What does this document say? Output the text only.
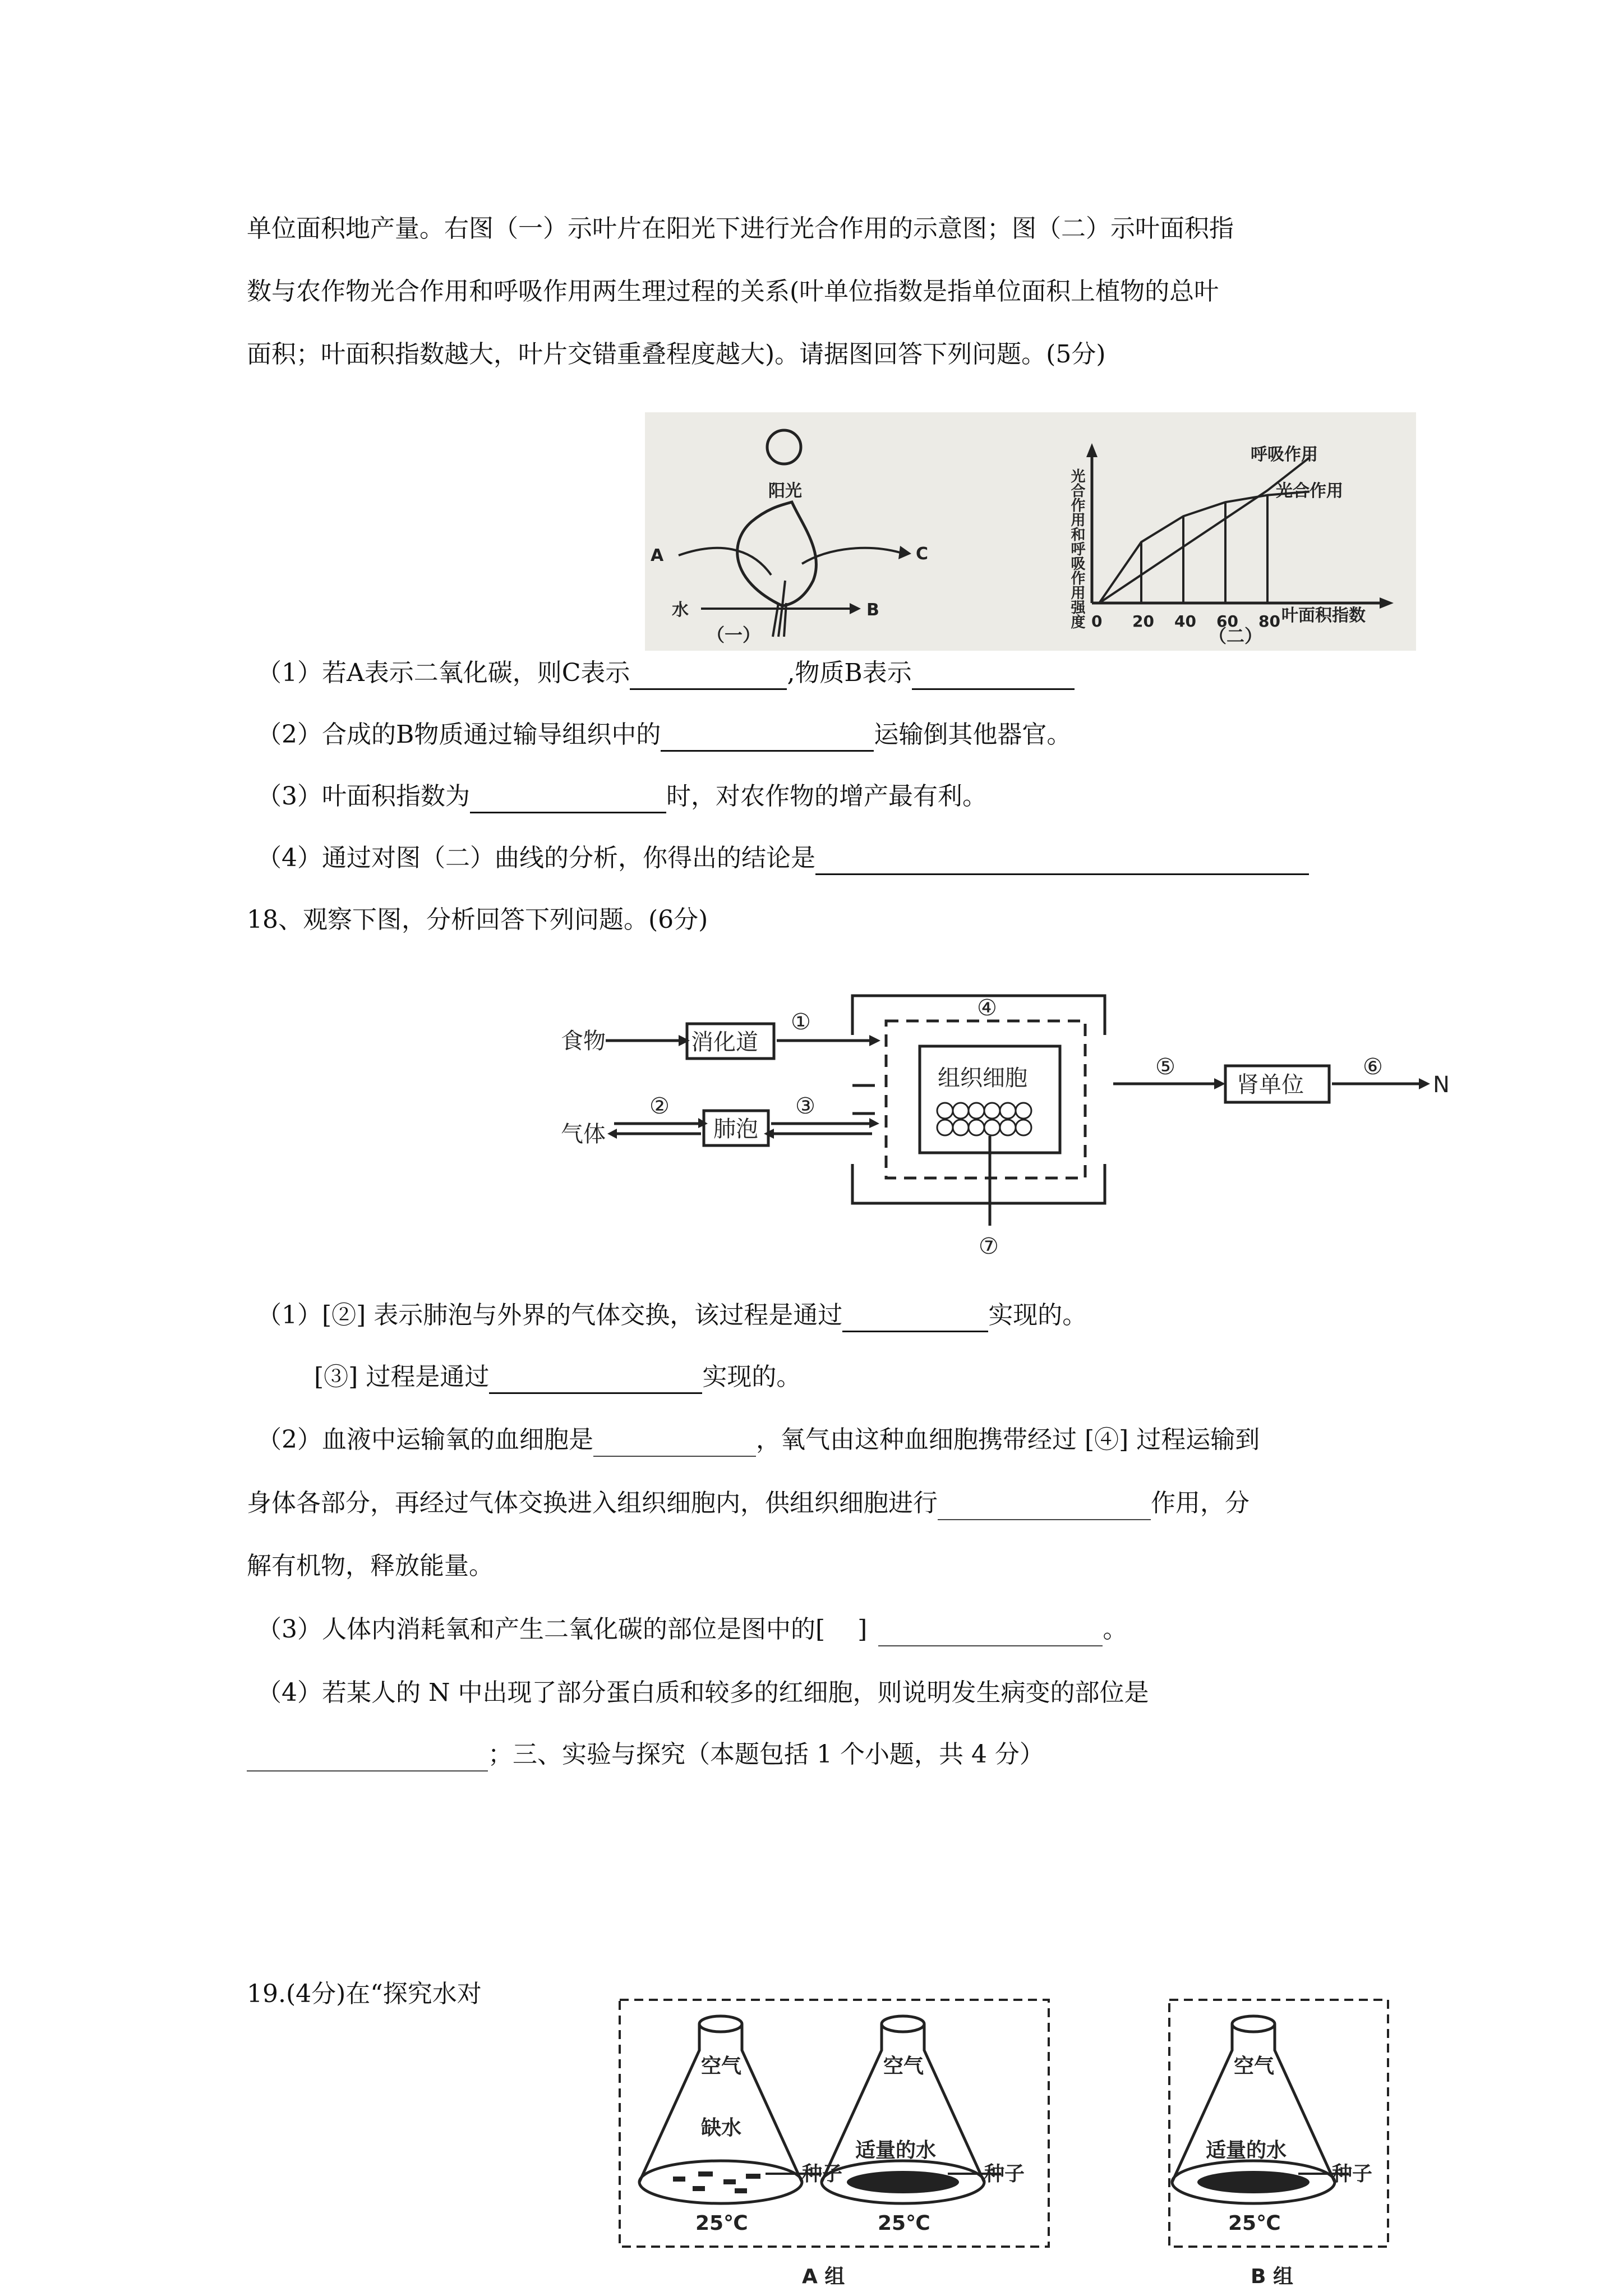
单位面积地产量。右图（一）示叶片在阳光下进行光合作用的示意图；图（二）示叶面积指
数与农作物光合作用和呼吸作用两生理过程的关系(叶单位指数是指单位面积上植物的总叶
面积；叶面积指数越大，叶片交错重叠程度越大)。请据图回答下列问题。(5分)
阳光
A	C
水	B
（一）
光合作用和呼吸作用强度
呼吸作用
光合作用
叶面积指数
（二）
0 20 40 60 80
（1）若A表示二氧化碳，则C表示	,物质B表示
（2）合成的B物质通过输导组织中的	运输倒其他器官。
（3）叶面积指数为	时，对农作物的增产最有利。
（4）通过对图（二）曲线的分析，你得出的结论是
18、观察下图，分析回答下列问题。(6分)
食物
气体
消化道
肺泡
组织细胞	肾单位	N
①
②	③
④
⑤	⑥
⑦
（1）[②] 表示肺泡与外界的气体交换，该过程是通过	实现的。
[③] 过程是通过	实现的。
（2）血液中运输氧的血细胞是	，氧气由这种血细胞携带经过 [④] 过程运输到
身体各部分，再经过气体交换进入组织细胞内，供组织细胞进行	作用，分
解有机物，释放能量。
（3）人体内消耗氧和产生二氧化碳的部位是图中的[　 ]	。
（4）若某人的 N 中出现了部分蛋白质和较多的红细胞，则说明发生病变的部位是
；三、实验与探究（本题包括 1 个小题，共 4 分）
19.(4分)在“探究水对
空气
缺水
空气
适量的水
空气
适量的水
种子	种子	种子
25℃	25℃	25℃
A 组	B 组
